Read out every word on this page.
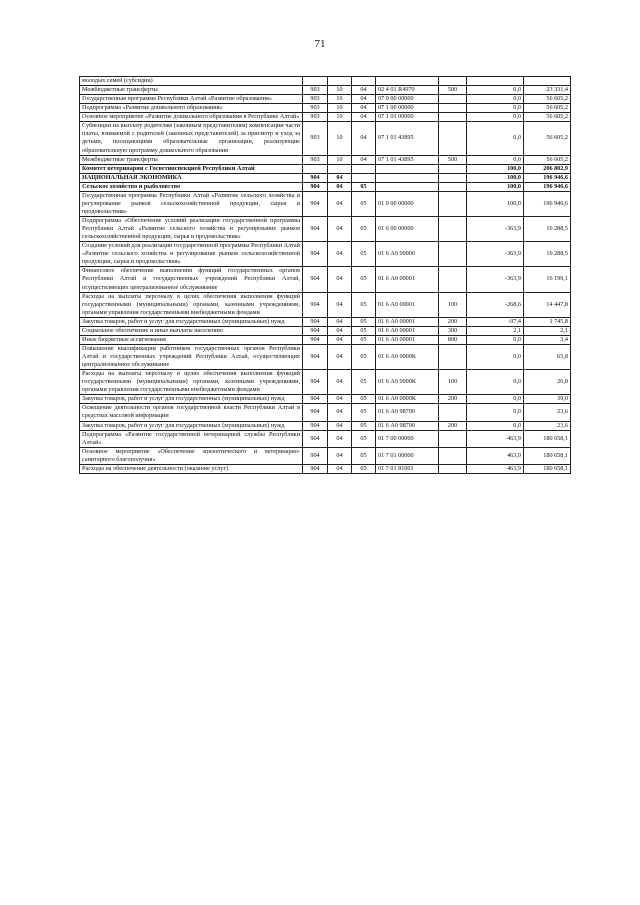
71
молодых семей (субсидии)							
Межбюджетные трансферты	903	10	04	02 4 01 R4970	500	0,0	23 331,4
Государственная программа Республики Алтай «Развитие образования»	903	10	04	07 0 00 00000		0,0	56 605,2
Подпрограмма «Развитие дошкольного образования»	903	10	04	07 1 00 00000		0,0	56 605,2
Основное мероприятие «Развитие дошкольного образования в Республике Алтай»	903	10	04	07 1 01 00000		0,0	56 605,2
Субвенции на выплату родителям (законным представителям) компенсации части платы, взимаемой с родителей (законных представителей) за присмотр и уход за детьми, посещающими образовательные организации, реализующие образовательную программу дошкольного образования	903	10	04	07 1 01 43895		0,0	56 605,2
Межбюджетные трансферты	903	10	04	07 1 01 43895	500	0,0	56 605,2
Комитет ветеринарии с Госветинспекцией Республики Алтай						100,0	206 802,9
НАЦИОНАЛЬНАЯ ЭКОНОМИКА	904	04				100,0	196 946,6
Сельское хозяйство и рыболовство	904	04	05			100,0	196 946,6
Государственная программа Республики Алтай «Развитие сельского хозяйства и регулирование рынков сельскохозяйственной продукции, сырья и продовольствия»	904	04	05	01 0 00 00000		100,0	196 946,6
Подпрограмма «Обеспечение условий реализации государственной программы Республики Алтай «Развитие сельского хозяйства и регулирование рынков сельскохозяйственной продукции, сырья и продовольствия»	904	04	05	01 6 00 00000		-363,9	16 288,5
Создание условий для реализации государственной программы Республики Алтай «Развитие сельского хозяйства и регулирование рынков сельскохозяйственной продукции, сырья и продовольствия»	904	04	05	01 6 А0 00000		-363,9	16 288,5
Финансовое обеспечение выполнения функций государственных органов Республики Алтай и государственных учреждений Республики Алтай, осуществляющих централизованное обслуживание	904	04	05	01 6 А0 00001		-363,9	16 199,1
Расходы на выплаты персоналу в целях обеспечения выполнения функций государственными (муниципальными) органами, казенными учреждениями, органами управления государственными внебюджетными фондами	904	04	05	01 6 А0 00001	100	-268,6	14 447,8
Закупка товаров, работ и услуг для государственных (муниципальных) нужд	904	04	05	01 6 А0 00001	200	-97,4	1 745,8
Социальное обеспечение и иные выплаты населению	904	04	05	01 6 А0 00001	300	2,1	2,1
Иные бюджетные ассигнования	904	04	05	01 6 А0 00001	800	0,0	3,4
Повышение квалификации работников государственных органов Республики Алтай и государственных учреждений Республики Алтай, осуществляющих централизованное обслуживание	904	04	05	01 6 А0 0000К		0,0	65,8
Расходы на выплаты персоналу в целях обеспечения выполнения функций государственными (муниципальными) органами, казенными учреждениями, органами управления государственными внебюджетными фондами	904	04	05	01 6 А0 0000К	100	0,0	26,8
Закупка товаров, работ и услуг для государственных (муниципальных) нужд	904	04	05	01 6 А0 0000К	200	0,0	39,0
Освещение деятельности органов государственной власти Республики Алтай в средствах массовой информации	904	04	05	01 6 А0 98700		0,0	23,6
Закупка товаров, работ и услуг для государственных (муниципальных) нужд	904	04	05	01 6 А0 98700	200	0,0	23,6
Подпрограмма «Развитие государственной ветеринарной службы Республики Алтай»	904	04	05	01 7 00 00000		463,9	180 658,1
Основное мероприятие «Обеспечение эпизоотического и ветеринарно-санитарного благополучия»	904	04	05	01 7 01 00000		463,9	180 658,1
Расходы на обеспечение деятельности (оказание услуг)	904	04	05	01 7 01 81001		463,9	180 658,1
